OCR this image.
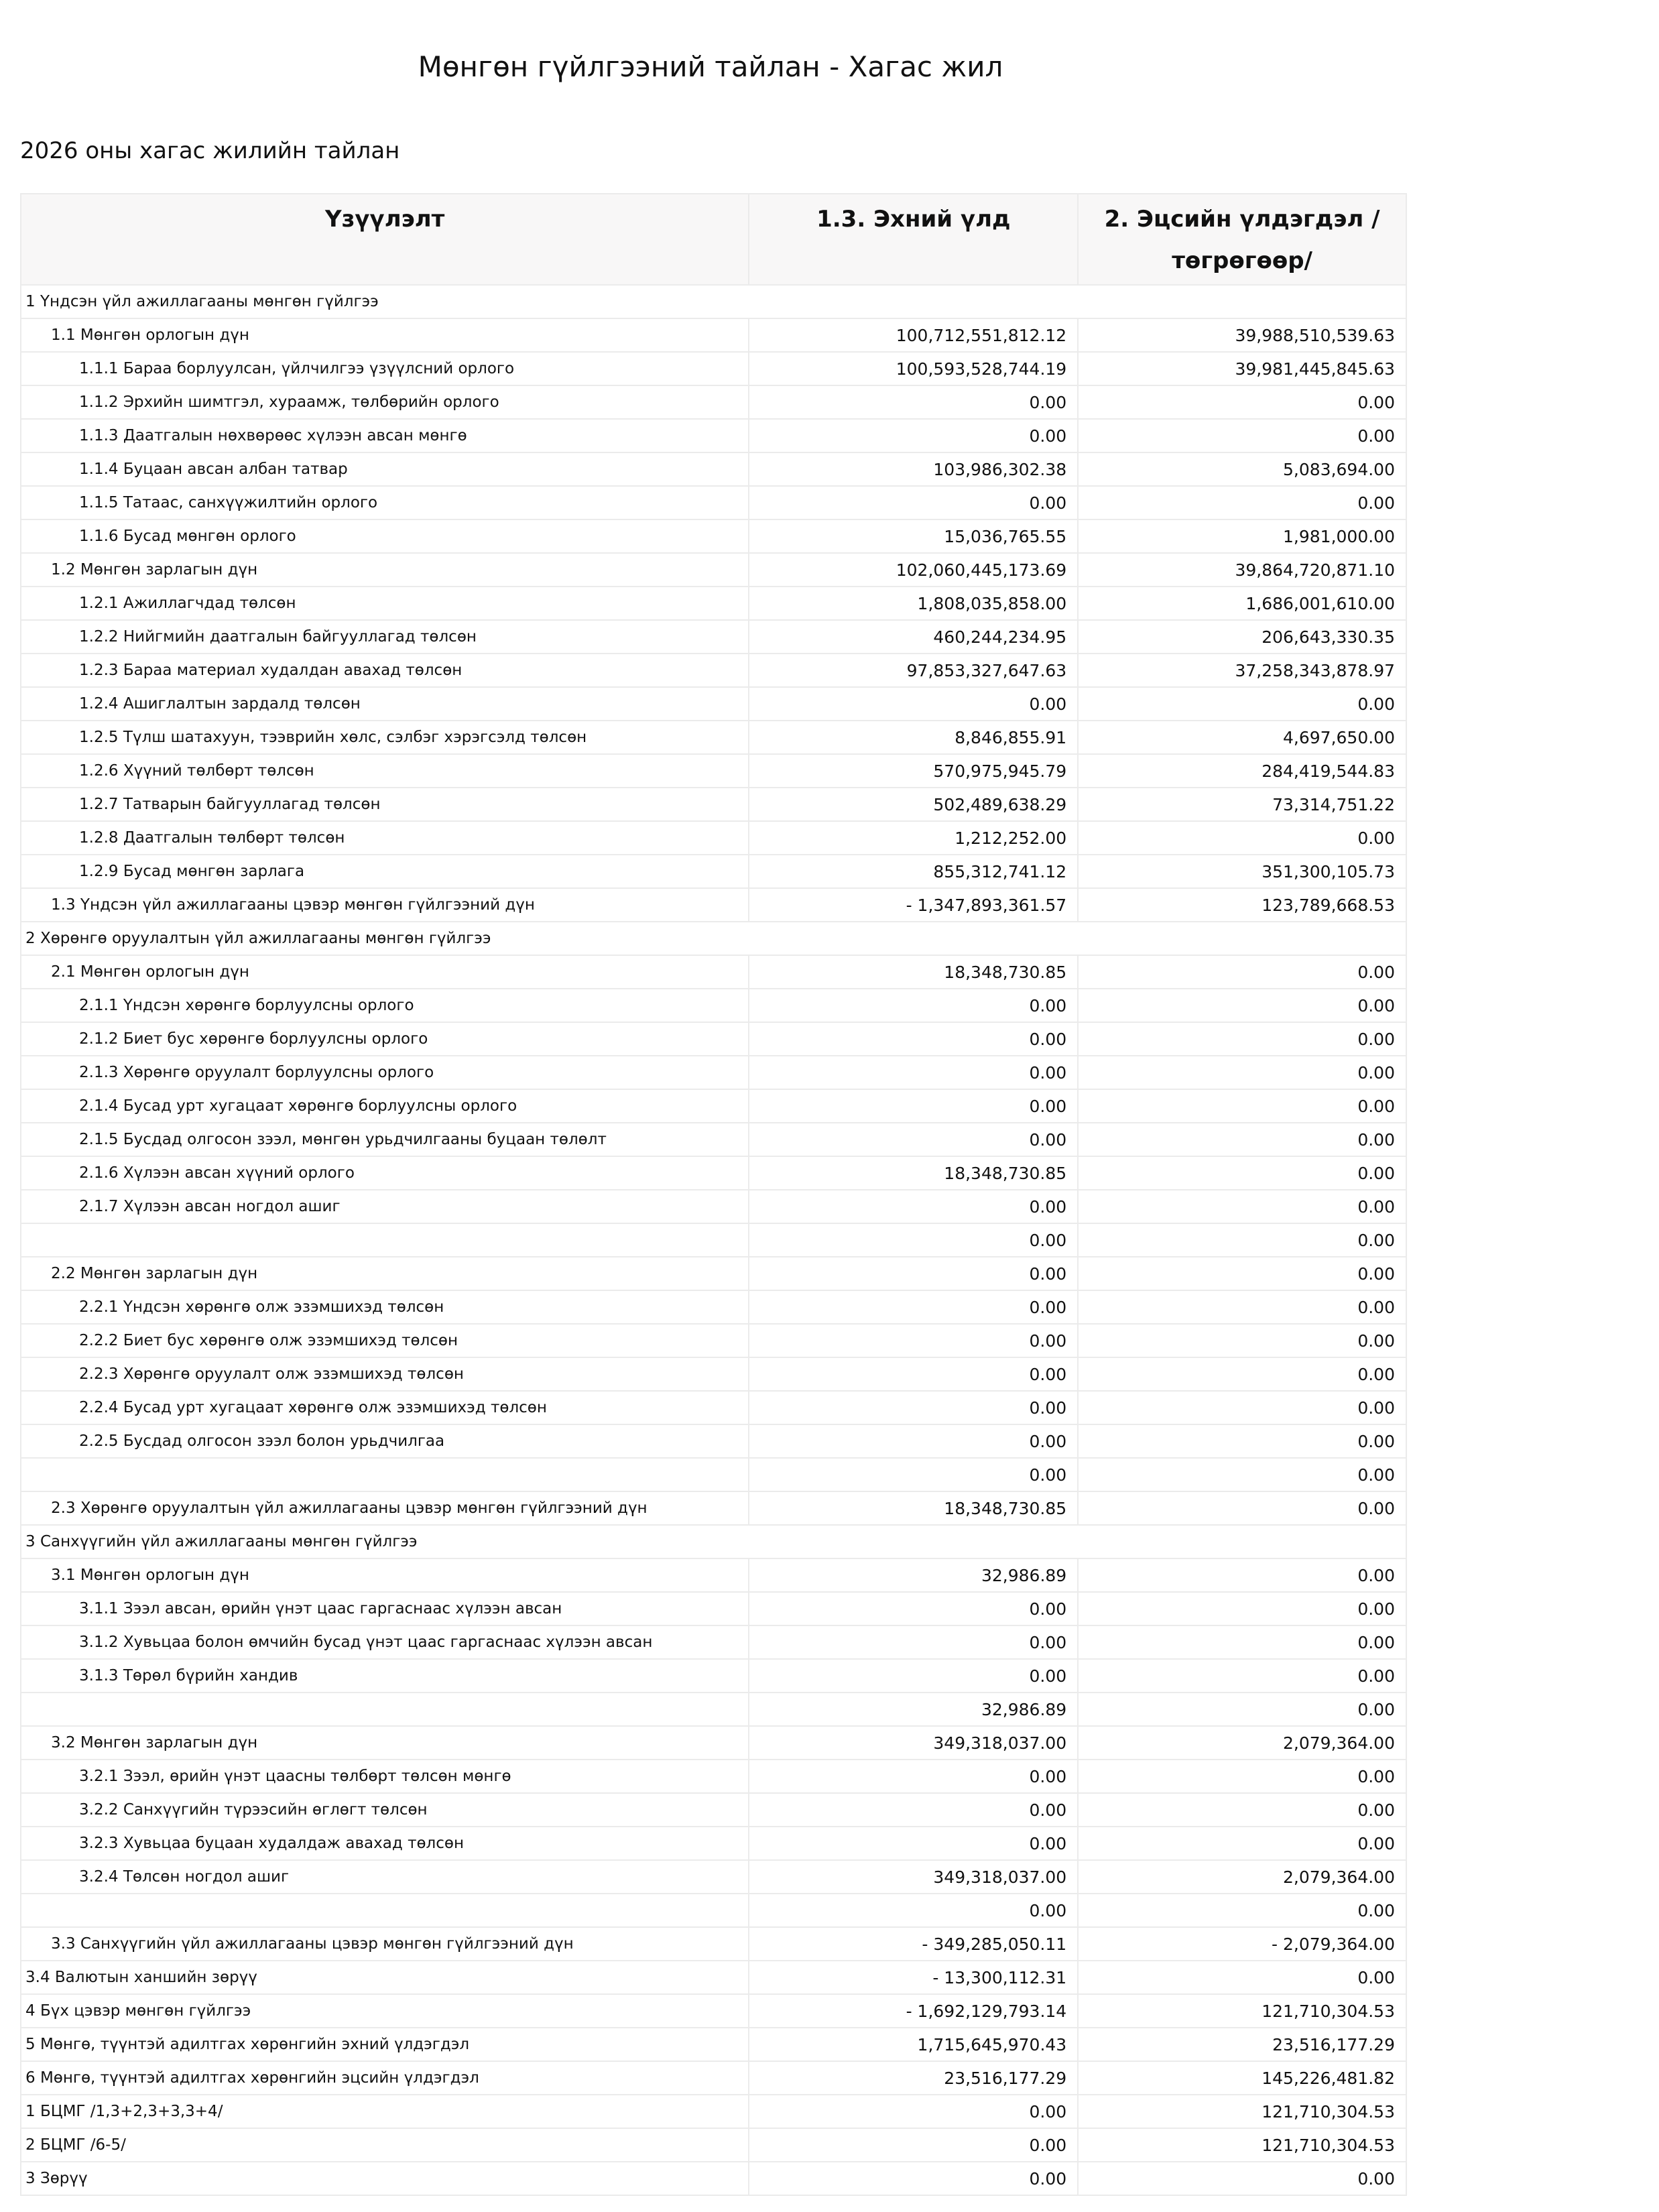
Мөнгөн гүйлгээний тайлан - Хагас жил
2026 оны хагас жилийн тайлан
Үзүүлэлт	1.3. Эхний үлд	2. Эцсийн үлдэгдэл / төгрөгөөр/
1 Үндсэн үйл ажиллагааны мөнгөн гүйлгээ		
1.1 Мөнгөн орлогын дүн	100,712,551,812.12	39,988,510,539.63
1.1.1 Бараа борлуулсан, үйлчилгээ үзүүлсний орлого	100,593,528,744.19	39,981,445,845.63
1.1.2 Эрхийн шимтгэл, хураамж, төлбөрийн орлого	0.00	0.00
1.1.3 Даатгалын нөхвөрөөс хүлээн авсан мөнгө	0.00	0.00
1.1.4 Буцаан авсан албан татвар	103,986,302.38	5,083,694.00
1.1.5 Татаас, санхүүжилтийн орлого	0.00	0.00
1.1.6 Бусад мөнгөн орлого	15,036,765.55	1,981,000.00
1.2 Мөнгөн зарлагын дүн	102,060,445,173.69	39,864,720,871.10
1.2.1 Ажиллагчдад төлсөн	1,808,035,858.00	1,686,001,610.00
1.2.2 Нийгмийн даатгалын байгууллагад төлсөн	460,244,234.95	206,643,330.35
1.2.3 Бараа материал худалдан авахад төлсөн	97,853,327,647.63	37,258,343,878.97
1.2.4 Ашиглалтын зардалд төлсөн	0.00	0.00
1.2.5 Түлш шатахуун, тээврийн хөлс, сэлбэг хэрэгсэлд төлсөн	8,846,855.91	4,697,650.00
1.2.6 Хүүний төлбөрт төлсөн	570,975,945.79	284,419,544.83
1.2.7 Татварын байгууллагад төлсөн	502,489,638.29	73,314,751.22
1.2.8 Даатгалын төлбөрт төлсөн	1,212,252.00	0.00
1.2.9 Бусад мөнгөн зарлага	855,312,741.12	351,300,105.73
1.3 Үндсэн үйл ажиллагааны цэвэр мөнгөн гүйлгээний дүн	- 1,347,893,361.57	123,789,668.53
2 Хөрөнгө оруулалтын үйл ажиллагааны мөнгөн гүйлгээ		
2.1 Мөнгөн орлогын дүн	18,348,730.85	0.00
2.1.1 Үндсэн хөрөнгө борлуулсны орлого	0.00	0.00
2.1.2 Биет бус хөрөнгө борлуулсны орлого	0.00	0.00
2.1.3 Хөрөнгө оруулалт борлуулсны орлого	0.00	0.00
2.1.4 Бусад урт хугацаат хөрөнгө борлуулсны орлого	0.00	0.00
2.1.5 Бусдад олгосон зээл, мөнгөн урьдчилгааны буцаан төлөлт	0.00	0.00
2.1.6 Хүлээн авсан хүүний орлого	18,348,730.85	0.00
2.1.7 Хүлээн авсан ногдол ашиг	0.00	0.00
	0.00	0.00
2.2 Мөнгөн зарлагын дүн	0.00	0.00
2.2.1 Үндсэн хөрөнгө олж эзэмшихэд төлсөн	0.00	0.00
2.2.2 Биет бус хөрөнгө олж эзэмшихэд төлсөн	0.00	0.00
2.2.3 Хөрөнгө оруулалт олж эзэмшихэд төлсөн	0.00	0.00
2.2.4 Бусад урт хугацаат хөрөнгө олж эзэмшихэд төлсөн	0.00	0.00
2.2.5 Бусдад олгосон зээл болон урьдчилгаа	0.00	0.00
	0.00	0.00
2.3 Хөрөнгө оруулалтын үйл ажиллагааны цэвэр мөнгөн гүйлгээний дүн	18,348,730.85	0.00
3 Санхүүгийн үйл ажиллагааны мөнгөн гүйлгээ		
3.1 Мөнгөн орлогын дүн	32,986.89	0.00
3.1.1 Зээл авсан, өрийн үнэт цаас гаргаснаас хүлээн авсан	0.00	0.00
3.1.2 Хувьцаа болон өмчийн бусад үнэт цаас гаргаснаас хүлээн авсан	0.00	0.00
3.1.3 Төрөл бүрийн хандив	0.00	0.00
	32,986.89	0.00
3.2 Мөнгөн зарлагын дүн	349,318,037.00	2,079,364.00
3.2.1 Зээл, өрийн үнэт цаасны төлбөрт төлсөн мөнгө	0.00	0.00
3.2.2 Санхүүгийн түрээсийн өглөгт төлсөн	0.00	0.00
3.2.3 Хувьцаа буцаан худалдаж авахад төлсөн	0.00	0.00
3.2.4 Төлсөн ногдол ашиг	349,318,037.00	2,079,364.00
	0.00	0.00
3.3 Санхүүгийн үйл ажиллагааны цэвэр мөнгөн гүйлгээний дүн	- 349,285,050.11	- 2,079,364.00
3.4 Валютын ханшийн зөрүү	- 13,300,112.31	0.00
4 Бүх цэвэр мөнгөн гүйлгээ	- 1,692,129,793.14	121,710,304.53
5 Мөнгө, түүнтэй адилтгах хөрөнгийн эхний үлдэгдэл	1,715,645,970.43	23,516,177.29
6 Мөнгө, түүнтэй адилтгах хөрөнгийн эцсийн үлдэгдэл	23,516,177.29	145,226,481.82
1 БЦМГ /1,3+2,3+3,3+4/	0.00	121,710,304.53
2 БЦМГ /6-5/	0.00	121,710,304.53
3 Зөрүү	0.00	0.00
